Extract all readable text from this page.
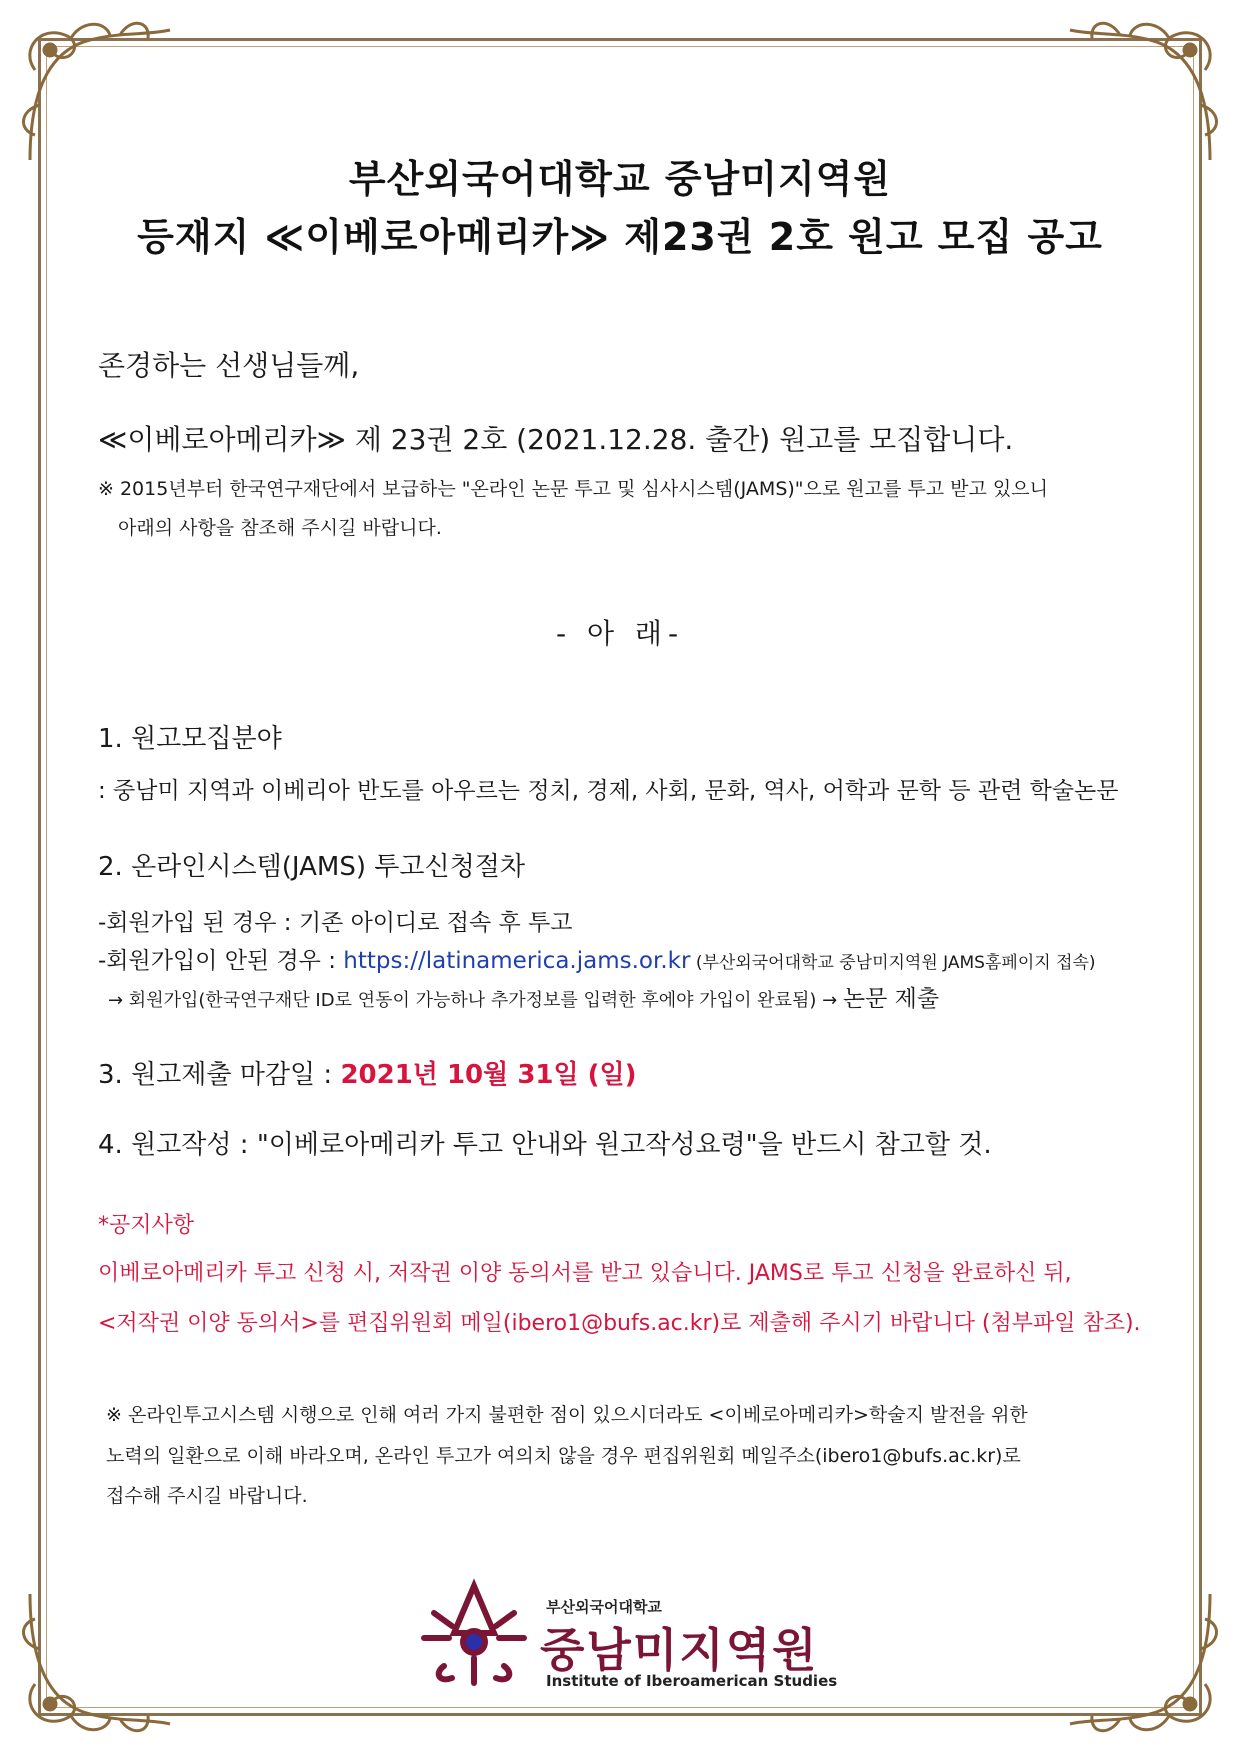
부산외국어대학교 중남미지역원
등재지 ≪이베로아메리카≫ 제23권 2호 원고 모집 공고
존경하는 선생님들께,
≪이베로아메리카≫ 제 23권 2호 (2021.12.28. 출간) 원고를 모집합니다.
※ 2015년부터 한국연구재단에서 보급하는 "온라인 논문 투고 및 심사시스템(JAMS)"으로 원고를 투고 받고 있으니
아래의 사항을 참조해 주시길 바랍니다.
- 아 래-
1. 원고모집분야
: 중남미 지역과 이베리아 반도를 아우르는 정치, 경제, 사회, 문화, 역사, 어학과 문학 등 관련 학술논문
2. 온라인시스템(JAMS) 투고신청절차
-회원가입 된 경우 : 기존 아이디로 접속 후 투고
-회원가입이 안된 경우 : https://latinamerica.jams.or.kr (부산외국어대학교 중남미지역원 JAMS홈페이지 접속)
→ 회원가입(한국연구재단 ID로 연동이 가능하나 추가정보를 입력한 후에야 가입이 완료됨) → 논문 제출
3. 원고제출 마감일 : 2021년 10월 31일 (일)
4. 원고작성 : "이베로아메리카 투고 안내와 원고작성요령"을 반드시 참고할 것.
*공지사항
이베로아메리카 투고 신청 시, 저작권 이양 동의서를 받고 있습니다. JAMS로 투고 신청을 완료하신 뒤,
<저작권 이양 동의서>를 편집위원회 메일(ibero1@bufs.ac.kr)로 제출해 주시기 바랍니다 (첨부파일 참조).
※ 온라인투고시스템 시행으로 인해 여러 가지 불편한 점이 있으시더라도 <이베로아메리카>학술지 발전을 위한
노력의 일환으로 이해 바라오며, 온라인 투고가 여의치 않을 경우 편집위원회 메일주소(ibero1@bufs.ac.kr)로
접수해 주시길 바랍니다.
부산외국어대학교
중남미지역원
Institute of Iberoamerican Studies
